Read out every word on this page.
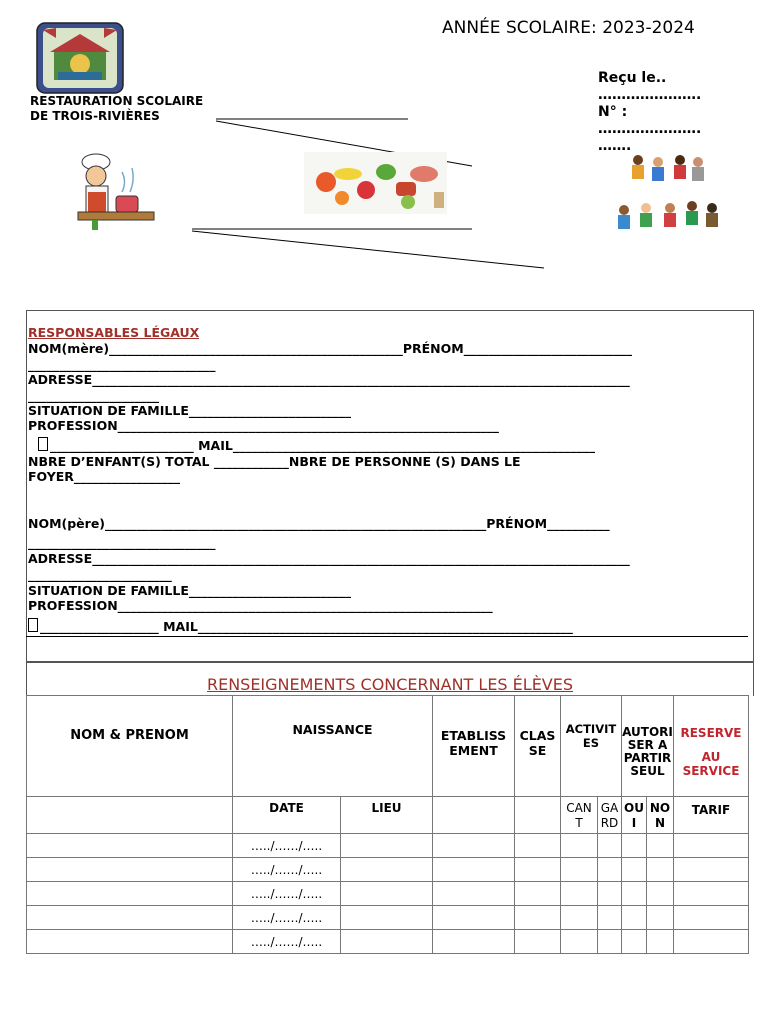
ANNÉE SCOLAIRE: 2023-2024
RESTAURATION SCOLAIRE
DE TROIS-RIVIÈRES
Reçu le..
………………….
N° :
………………….
…….
RESPONSABLES LÉGAUX
NOM(mère)_______________________________________________PRÉNOM___________________________
______________________________
ADRESSE______________________________________________________________________________________
_____________________
SITUATION DE FAMILLE__________________________
PROFESSION_____________________________________________________________
_______________________ MAIL__________________________________________________________
NBRE D’ENFANT(S) TOTAL ____________NBRE DE PERSONNE (S) DANS LE
FOYER_________________
NOM(père)_____________________________________________________________PRÉNOM__________
______________________________
ADRESSE______________________________________________________________________________________
_______________________
SITUATION DE FAMILLE__________________________
PROFESSION____________________________________________________________
___________________ MAIL____________________________________________________________
RENSEIGNEMENTS CONCERNANT LES ÉLÈVES
NOM & PRENOM	NAISSANCE		ETABLISS EMENT	CLAS SE	ACTIVIT ES		AUTORI SER A PARTIR SEUL		RESERVE
AU SERVICE

	DATE	LIEU			CAN T	GA RD	OU I	NO N	TARIF
	…../……/…..								
	…../……/…..								
	…../……/…..								
	…../……/…..								
	…../……/…..								
